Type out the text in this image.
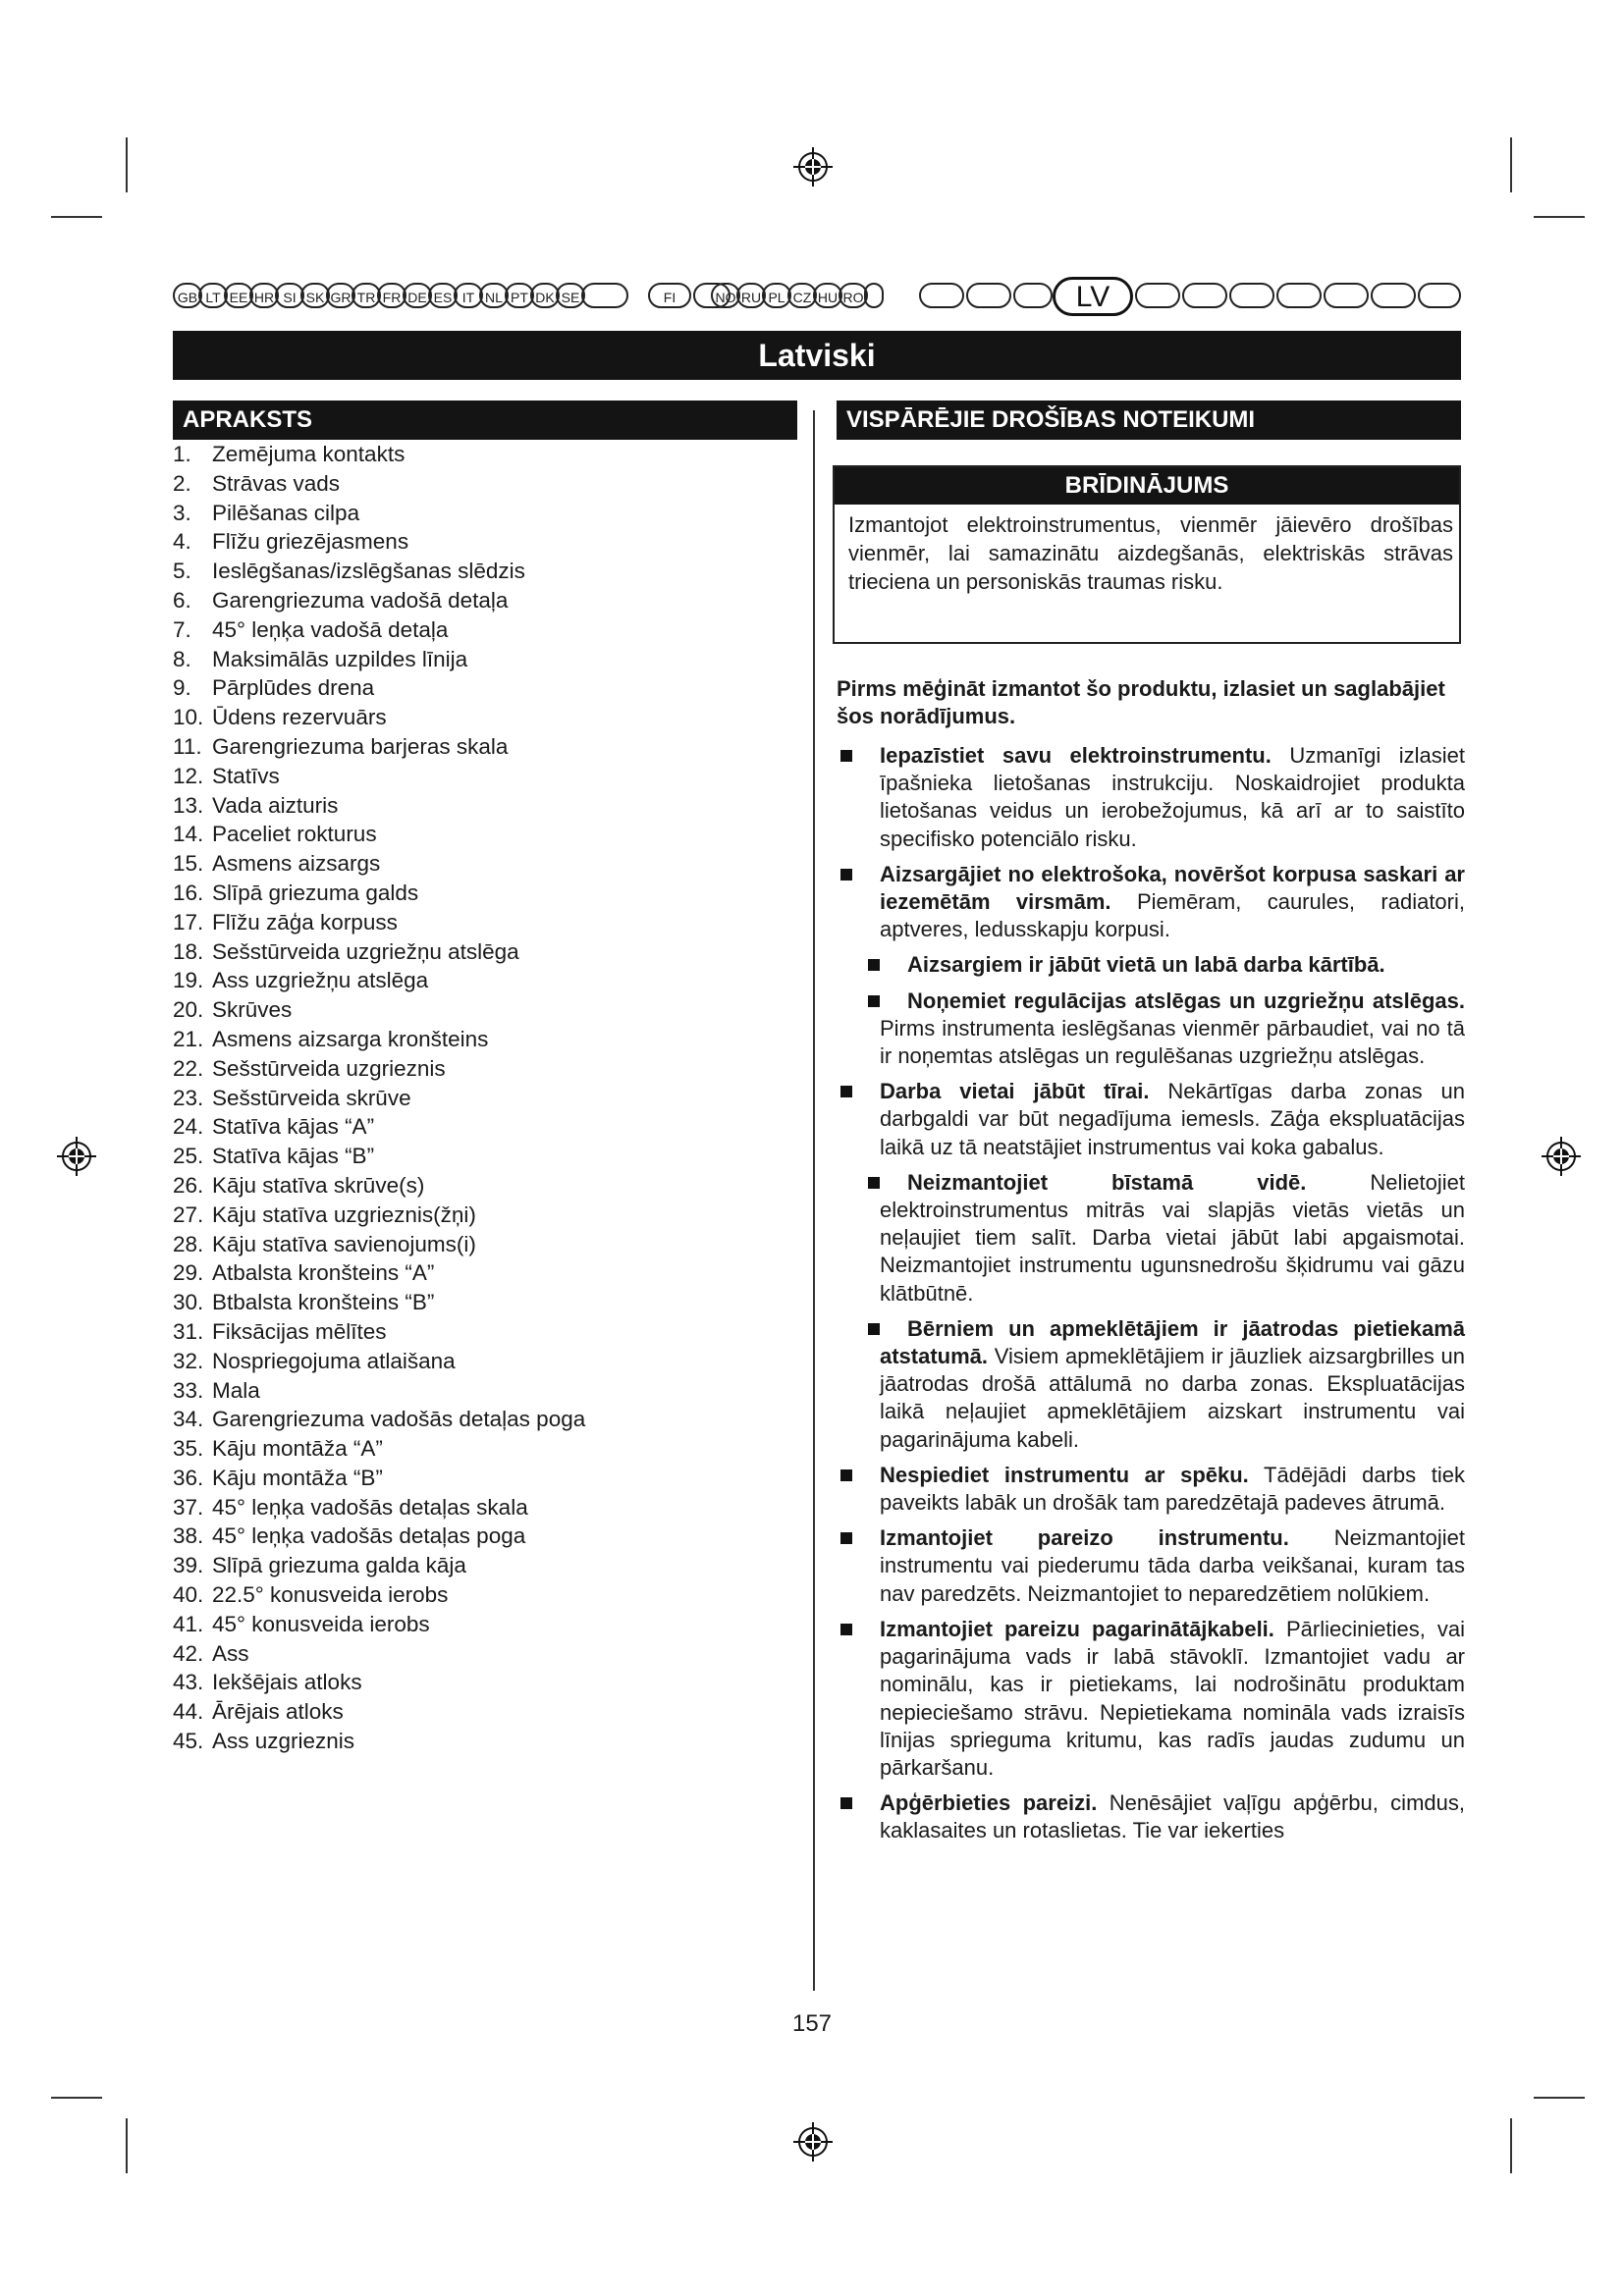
GB LT EE HR SI SK GR TR FR DE ES IT NL PT DK SE	FI	NO RU PL CZ HU RO	LV
Latviski
APRAKSTS
1. Zemējuma kontakts
2. Strāvas vads
3. Pilēšanas cilpa
4. Flīžu griezējasmens
5. Ieslēgšanas/izslēgšanas slēdzis
6. Garengriezuma vadošā detaļa
7. 45° leņķa vadošā detaļa
8. Maksimālās uzpildes līnija
9. Pārplūdes drena
10. Ūdens rezervuārs
11. Garengriezuma barjeras skala
12. Statīvs
13. Vada aizturis
14. Paceliet rokturus
15. Asmens aizsargs
16. Slīpā griezuma galds
17. Flīžu zāģa korpuss
18. Sešstūrveida uzgriežņu atslēga
19. Ass uzgriežņu atslēga
20. Skrūves
21. Asmens aizsarga kronšteins
22. Sešstūrveida uzgrieznis
23. Sešstūrveida skrūve
24. Statīva kājas “A”
25. Statīva kājas “B”
26. Kāju statīva skrūve(s)
27. Kāju statīva uzgrieznis(žņi)
28. Kāju statīva savienojums(i)
29. Atbalsta kronšteins “A”
30. Btbalsta kronšteins “B”
31. Fiksācijas mēlītes
32. Nospriegojuma atlaišana
33. Mala
34. Garengriezuma vadošās detaļas poga
35. Kāju montāža “A”
36. Kāju montāža “B”
37. 45° leņķa vadošās detaļas skala
38. 45° leņķa vadošās detaļas poga
39. Slīpā griezuma galda kāja
40. 22.5° konusveida ierobs
41. 45° konusveida ierobs
42. Ass
43. Iekšējais atloks
44. Ārējais atloks
45. Ass uzgrieznis
VISPĀRĒJIE DROŠĪBAS NOTEIKUMI
BRĪDINĀJUMS
Izmantojot elektroinstrumentus, vienmēr jāievēro drošības vienmēr, lai samazinātu aizdegšanās, elektriskās strāvas trieciena un personiskās traumas risku.
Pirms mēģināt izmantot šo produktu, izlasiet un saglabājiet šos norādījumus.
Iepazīstiet savu elektroinstrumentu. Uzmanīgi izlasiet īpašnieka lietošanas instrukciju. Noskaidrojiet produkta lietošanas veidus un ierobežojumus, kā arī ar to saistīto specifisko potenciālo risku.
Aizsargājiet no elektrošoka, novēršot korpusa saskari ar iezemētām virsmām. Piemēram, caurules, radiatori, aptveres, ledusskapju korpusi.
Aizsargiem ir jābūt vietā un labā darba kārtībā.
Noņemiet regulācijas atslēgas un uzgriežņu atslēgas. Pirms instrumenta ieslēgšanas vienmēr pārbaudiet, vai no tā ir noņemtas atslēgas un regulēšanas uzgriežņu atslēgas.
Darba vietai jābūt tīrai. Nekārtīgas darba zonas un darbgaldi var būt negadījuma iemesls. Zāģa ekspluatācijas laikā uz tā neatstājiet instrumentus vai koka gabalus.
Neizmantojiet bīstamā vidē. Nelietojiet elektroinstrumentus mitrās vai slapjās vietās vietās un neļaujiet tiem salīt. Darba vietai jābūt labi apgaismotai. Neizmantojiet instrumentu ugunsnedrošu šķidrumu vai gāzu klātbūtnē.
Bērniem un apmeklētājiem ir jāatrodas pietiekamā atstatumā. Visiem apmeklētājiem ir jāuzliek aizsargbrilles un jāatrodas drošā attālumā no darba zonas. Ekspluatācijas laikā neļaujiet apmeklētājiem aizskart instrumentu vai pagarinājuma kabeli.
Nespiediet instrumentu ar spēku. Tādējādi darbs tiek paveikts labāk un drošāk tam paredzētajā padeves ātrumā.
Izmantojiet pareizo instrumentu. Neizmantojiet instrumentu vai piederumu tāda darba veikšanai, kuram tas nav paredzēts. Neizmantojiet to neparedzētiem nolūkiem.
Izmantojiet pareizu pagarinātājkabeli. Pārliecinieties, vai pagarinājuma vads ir labā stāvoklī. Izmantojiet vadu ar nominālu, kas ir pietiekams, lai nodrošinātu produktam nepieciešamo strāvu. Nepietiekama nomināla vads izraisīs līnijas sprieguma kritumu, kas radīs jaudas zudumu un pārkaršanu.
Apģērbieties pareizi. Nenēsājiet vaļīgu apģērbu, cimdus, kaklasaites un rotaslietas. Tie var iekerties
157
